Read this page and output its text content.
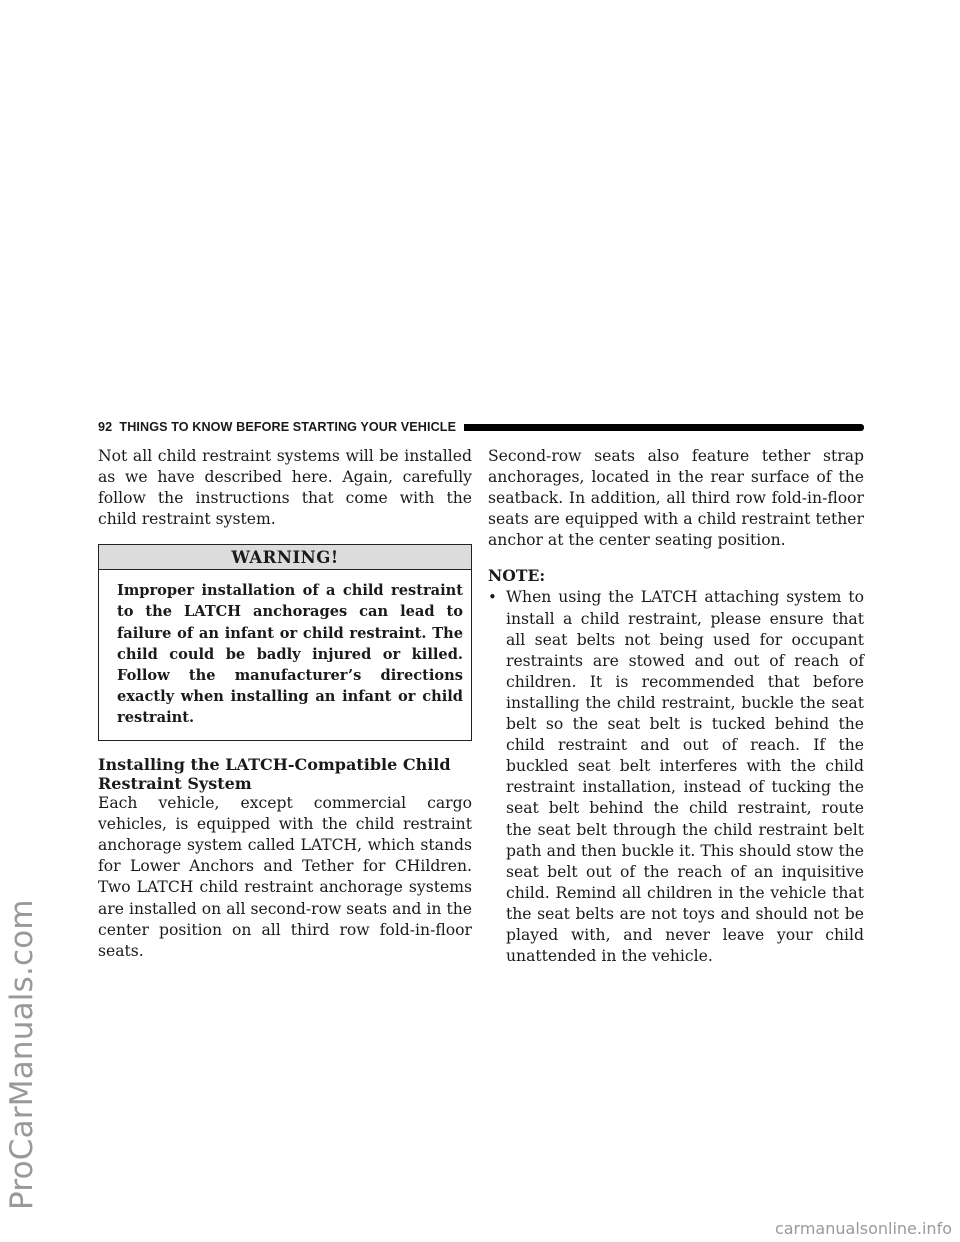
ProCarManuals.com
92 THINGS TO KNOW BEFORE STARTING YOUR VEHICLE

Not all child restraint systems will be installed as we have described here. Again, carefully follow the instructions that come with the child restraint system.

WARNING!
Improper installation of a child restraint to the LATCH anchorages can lead to failure of an infant or child restraint. The child could be badly injured or killed. Follow the manufacturer’s directions exactly when installing an infant or child restraint.
Installing the LATCH-Compatible Child Restraint System

Each vehicle, except commercial cargo vehicles, is equipped with the child restraint anchorage system called LATCH, which stands for Lower Anchors and Tether for CHildren. Two LATCH child restraint anchorage systems are installed on all second-row seats and in the center position on all third row fold-in-floor seats.

Second-row seats also feature tether strap anchorages, located in the rear surface of the seatback. In addition, all third row fold-in-floor seats are equipped with a child restraint tether anchor at the center seating position.

NOTE:
• When using the LATCH attaching system to install a child restraint, please ensure that all seat belts not being used for occupant restraints are stowed and out of reach of children. It is recommended that before installing the child restraint, buckle the seat belt so the seat belt is tucked behind the child restraint and out of reach. If the buckled seat belt interferes with the child restraint installation, instead of tucking the seat belt behind the child restraint, route the seat belt through the child restraint belt path and then buckle it. This should stow the seat belt out of the reach of an inquisitive child. Remind all children in the vehicle that the seat belts are not toys and should not be played with, and never leave your child unattended in the vehicle.

carmanualsonline.info
